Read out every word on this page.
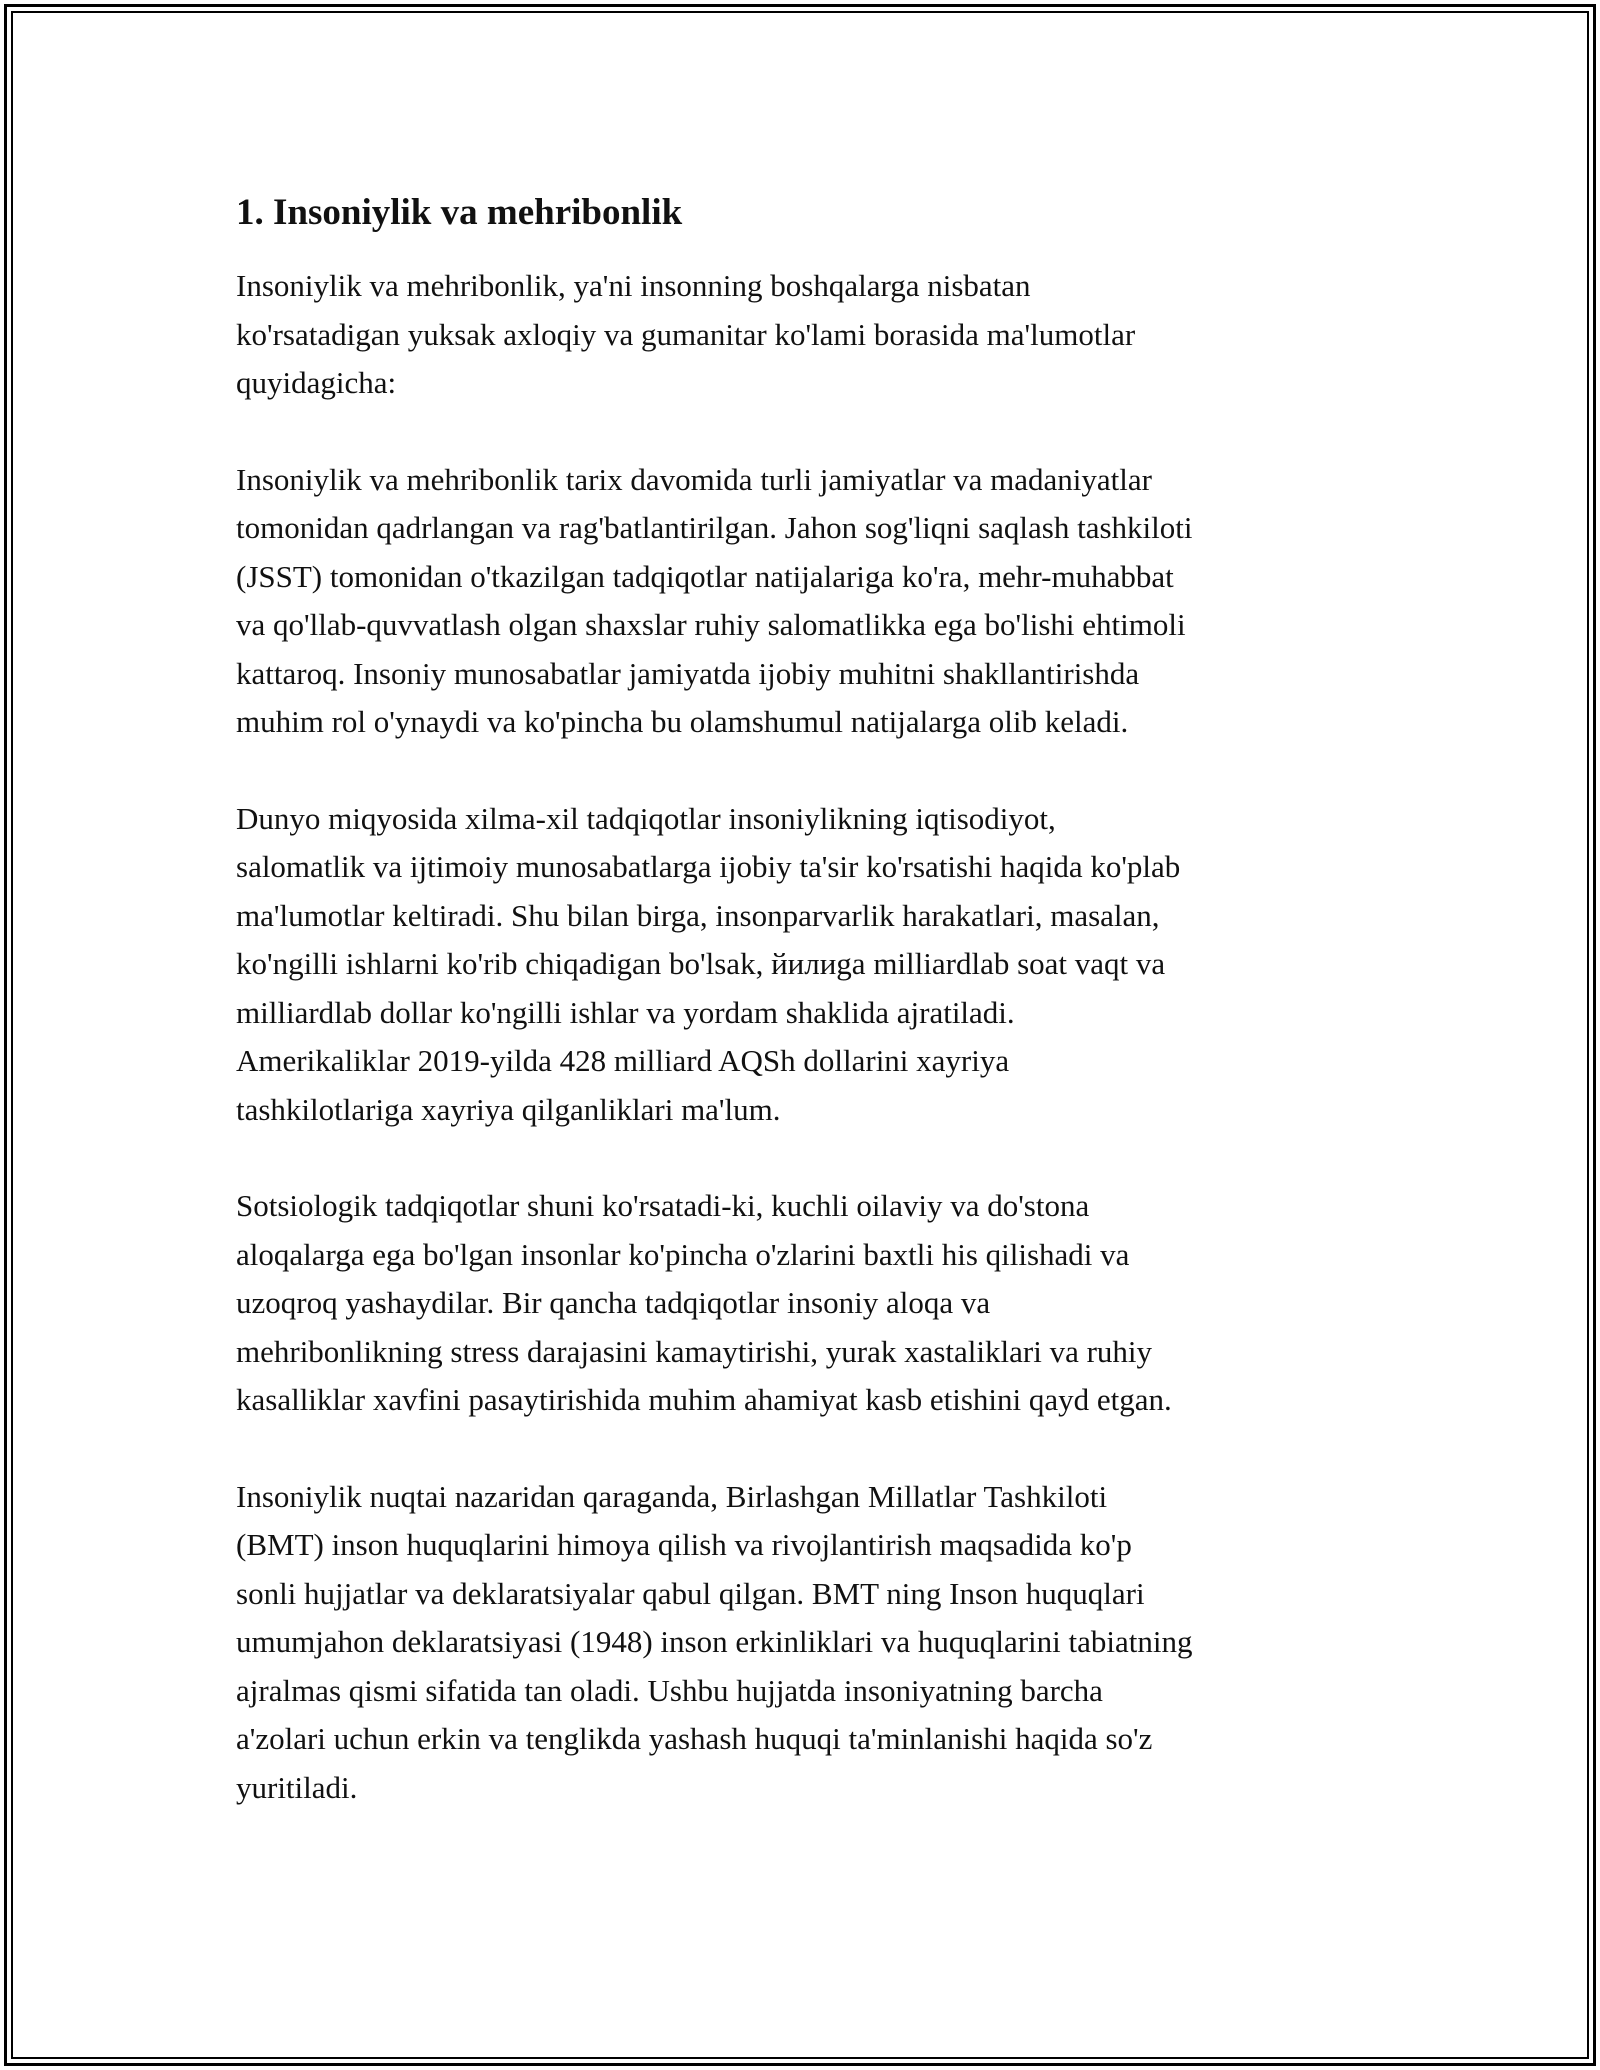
1. Insoniylik va mehribonlik

Insoniylik va mehribonlik, ya'ni insonning boshqalarga nisbatan
ko'rsatadigan yuksak axloqiy va gumanitar ko'lami borasida ma'lumotlar
quyidagicha:

Insoniylik va mehribonlik tarix davomida turli jamiyatlar va madaniyatlar
tomonidan qadrlangan va rag'batlantirilgan. Jahon sog'liqni saqlash tashkiloti
(JSST) tomonidan o'tkazilgan tadqiqotlar natijalariga ko'ra, mehr-muhabbat
va qo'llab-quvvatlash olgan shaxslar ruhiy salomatlikka ega bo'lishi ehtimoli
kattaroq. Insoniy munosabatlar jamiyatda ijobiy muhitni shakllantirishda
muhim rol o'ynaydi va ko'pincha bu olamshumul natijalarga olib keladi.

Dunyo miqyosida xilma-xil tadqiqotlar insoniylikning iqtisodiyot,
salomatlik va ijtimoiy munosabatlarga ijobiy ta'sir ko'rsatishi haqida ko'plab
ma'lumotlar keltiradi. Shu bilan birga, insonparvarlik harakatlari, masalan,
ko'ngilli ishlarni ko'rib chiqadigan bo'lsak, йилиga milliardlab soat vaqt va
milliardlab dollar ko'ngilli ishlar va yordam shaklida ajratiladi.
Amerikaliklar 2019-yilda 428 milliard AQSh dollarini xayriya
tashkilotlariga xayriya qilganliklari ma'lum.

Sotsiologik tadqiqotlar shuni ko'rsatadi-ki, kuchli oilaviy va do'stona
aloqalarga ega bo'lgan insonlar ko'pincha o'zlarini baxtli his qilishadi va
uzoqroq yashaydilar. Bir qancha tadqiqotlar insoniy aloqa va
mehribonlikning stress darajasini kamaytirishi, yurak xastaliklari va ruhiy
kasalliklar xavfini pasaytirishida muhim ahamiyat kasb etishini qayd etgan.

Insoniylik nuqtai nazaridan qaraganda, Birlashgan Millatlar Tashkiloti
(BMT) inson huquqlarini himoya qilish va rivojlantirish maqsadida ko'p
sonli hujjatlar va deklaratsiyalar qabul qilgan. BMT ning Inson huquqlari
umumjahon deklaratsiyasi (1948) inson erkinliklari va huquqlarini tabiatning
ajralmas qismi sifatida tan oladi. Ushbu hujjatda insoniyatning barcha
a'zolari uchun erkin va tenglikda yashash huquqi ta'minlanishi haqida so'z
yuritiladi.
